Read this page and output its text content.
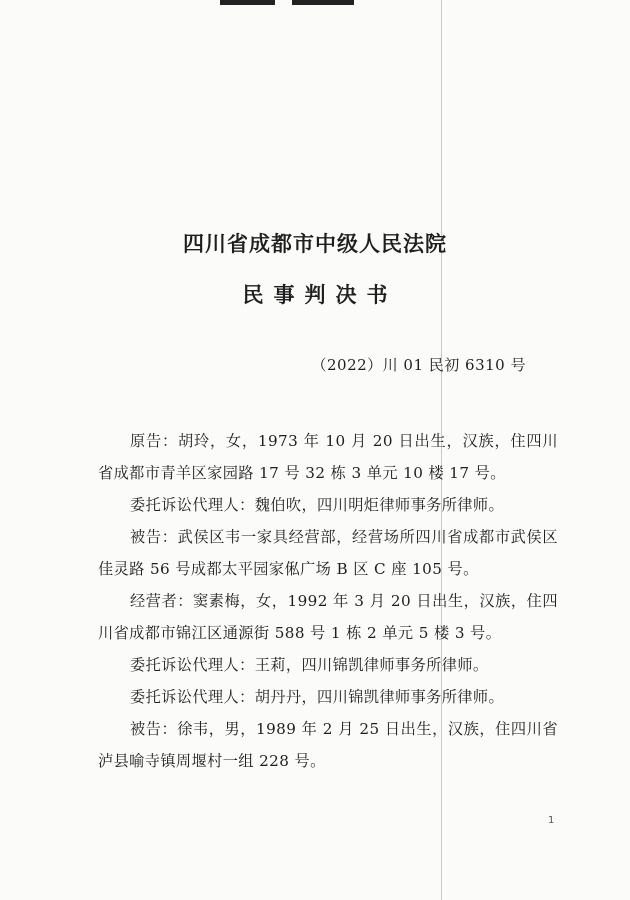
四川省成都市中级人民法院
民事判决书
（2022）川 01 民初 6310 号

原告：胡玲，女，1973 年 10 月 20 日出生，汉族，住四川省成都市青羊区家园路 17 号 32 栋 3 单元 10 楼 17 号。

委托诉讼代理人：魏伯吹，四川明炬律师事务所律师。

被告：武侯区韦一家具经营部，经营场所四川省成都市武侯区佳灵路 56 号成都太平园家俬广场 B 区 C 座 105 号。

经营者：窦素梅，女，1992 年 3 月 20 日出生，汉族，住四川省成都市锦江区通源街 588 号 1 栋 2 单元 5 楼 3 号。

委托诉讼代理人：王莉，四川锦凯律师事务所律师。

委托诉讼代理人：胡丹丹，四川锦凯律师事务所律师。

被告：徐韦，男，1989 年 2 月 25 日出生，汉族，住四川省泸县喻寺镇周堰村一组 228 号。

1
